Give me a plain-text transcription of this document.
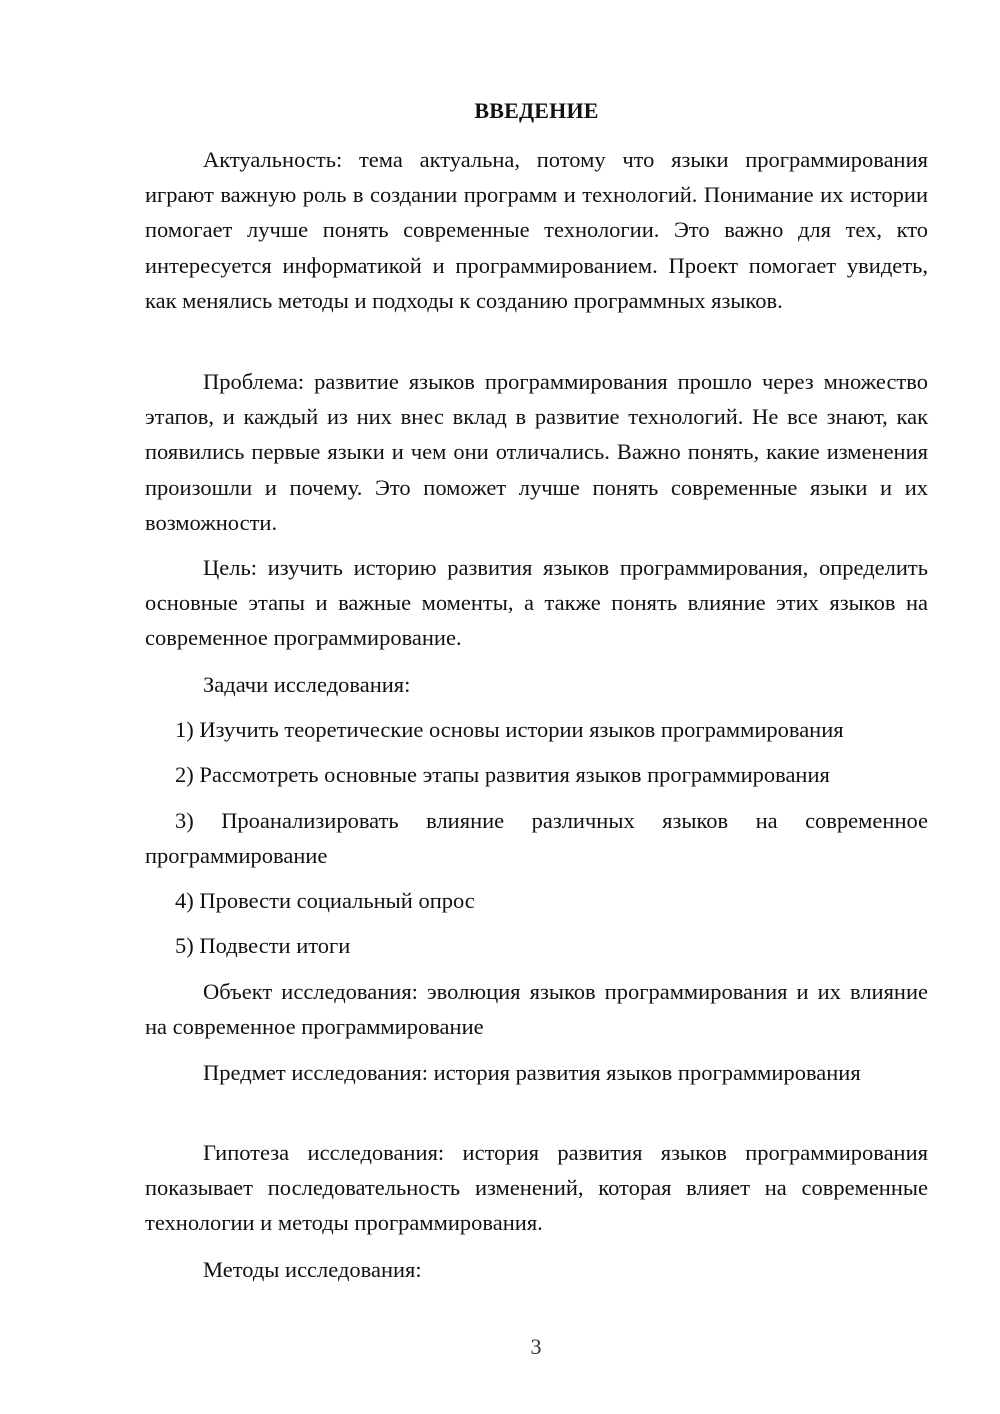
ВВЕДЕНИЕ

Актуальность: тема актуальна, потому что языки программирования играют важную роль в создании программ и технологий. Понимание их истории помогает лучше понять современные технологии. Это важно для тех, кто интересуется информатикой и программированием. Проект помогает увидеть, как менялись методы и подходы к созданию программных языков.

Проблема: развитие языков программирования прошло через множество этапов, и каждый из них внес вклад в развитие технологий. Не все знают, как появились первые языки и чем они отличались. Важно понять, какие изменения произошли и почему. Это поможет лучше понять современные языки и их возможности.

Цель: изучить историю развития языков программирования, определить основные этапы и важные моменты, а также понять влияние этих языков на современное программирование.

Задачи исследования:

1) Изучить теоретические основы истории языков программирования

2) Рассмотреть основные этапы развития языков программирования

3) Проанализировать влияние различных языков на современное программирование

4) Провести социальный опрос

5) Подвести итоги

Объект исследования: эволюция языков программирования и их влияние на современное программирование

Предмет исследования: история развития языков программирования

Гипотеза исследования: история развития языков программирования показывает последовательность изменений, которая влияет на современные технологии и методы программирования.

Методы исследования:

3
